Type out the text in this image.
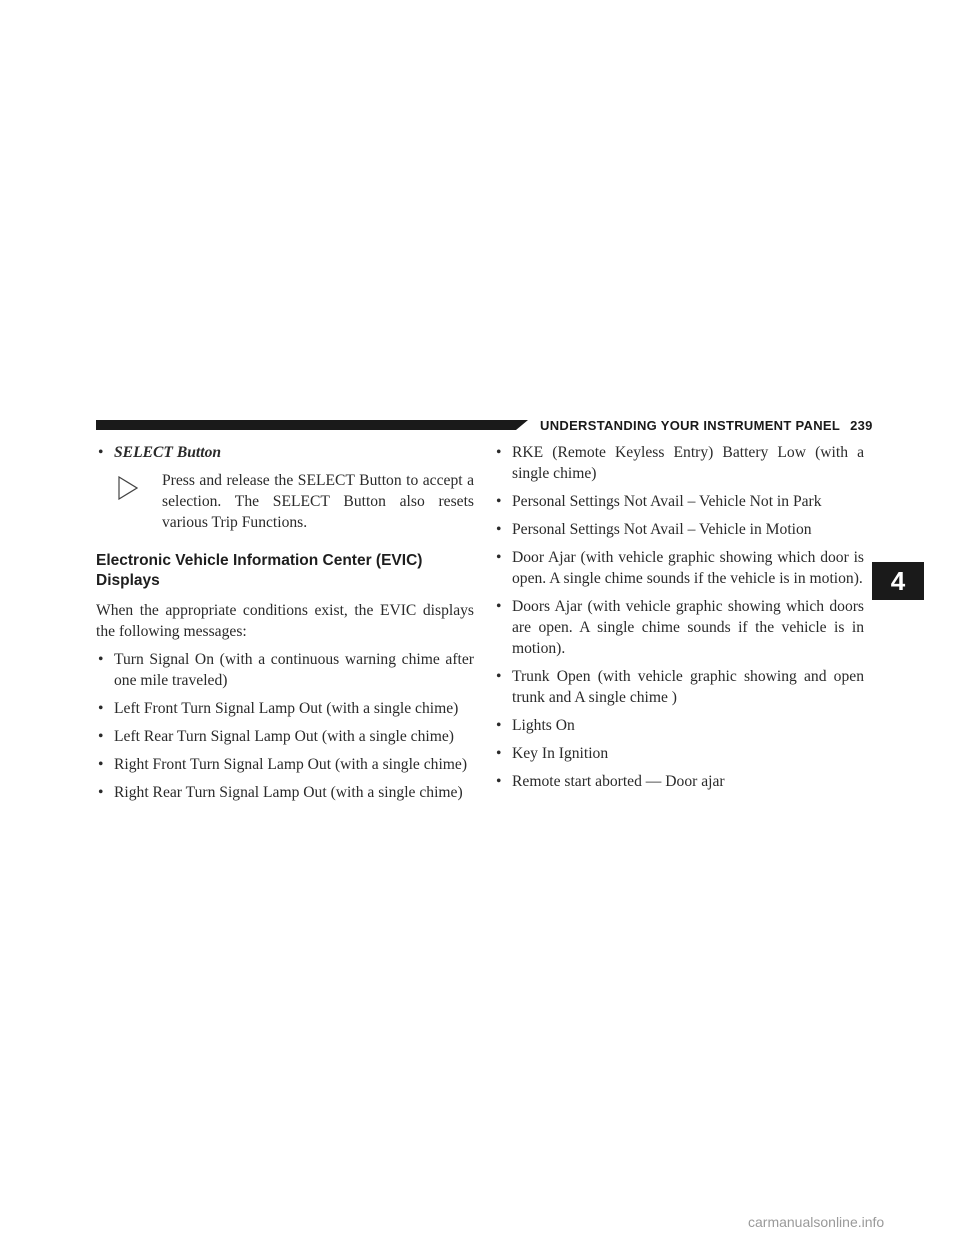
UNDERSTANDING YOUR INSTRUMENT PANEL 239
• SELECT Button
Press and release the SELECT Button to accept a selection. The SELECT Button also resets various Trip Functions.
Electronic Vehicle Information Center (EVIC) Displays
When the appropriate conditions exist, the EVIC displays the following messages:
• Turn Signal On (with a continuous warning chime after one mile traveled)
• Left Front Turn Signal Lamp Out (with a single chime)
• Left Rear Turn Signal Lamp Out (with a single chime)
• Right Front Turn Signal Lamp Out (with a single chime)
• Right Rear Turn Signal Lamp Out (with a single chime)
• RKE (Remote Keyless Entry) Battery Low (with a single chime)
• Personal Settings Not Avail – Vehicle Not in Park
• Personal Settings Not Avail – Vehicle in Motion
• Door Ajar (with vehicle graphic showing which door is open. A single chime sounds if the vehicle is in motion).
• Doors Ajar (with vehicle graphic showing which doors are open. A single chime sounds if the vehicle is in motion).
• Trunk Open (with vehicle graphic showing and open trunk and A single chime )
• Lights On
• Key In Ignition
• Remote start aborted — Door ajar
4
carmanualsonline.info
